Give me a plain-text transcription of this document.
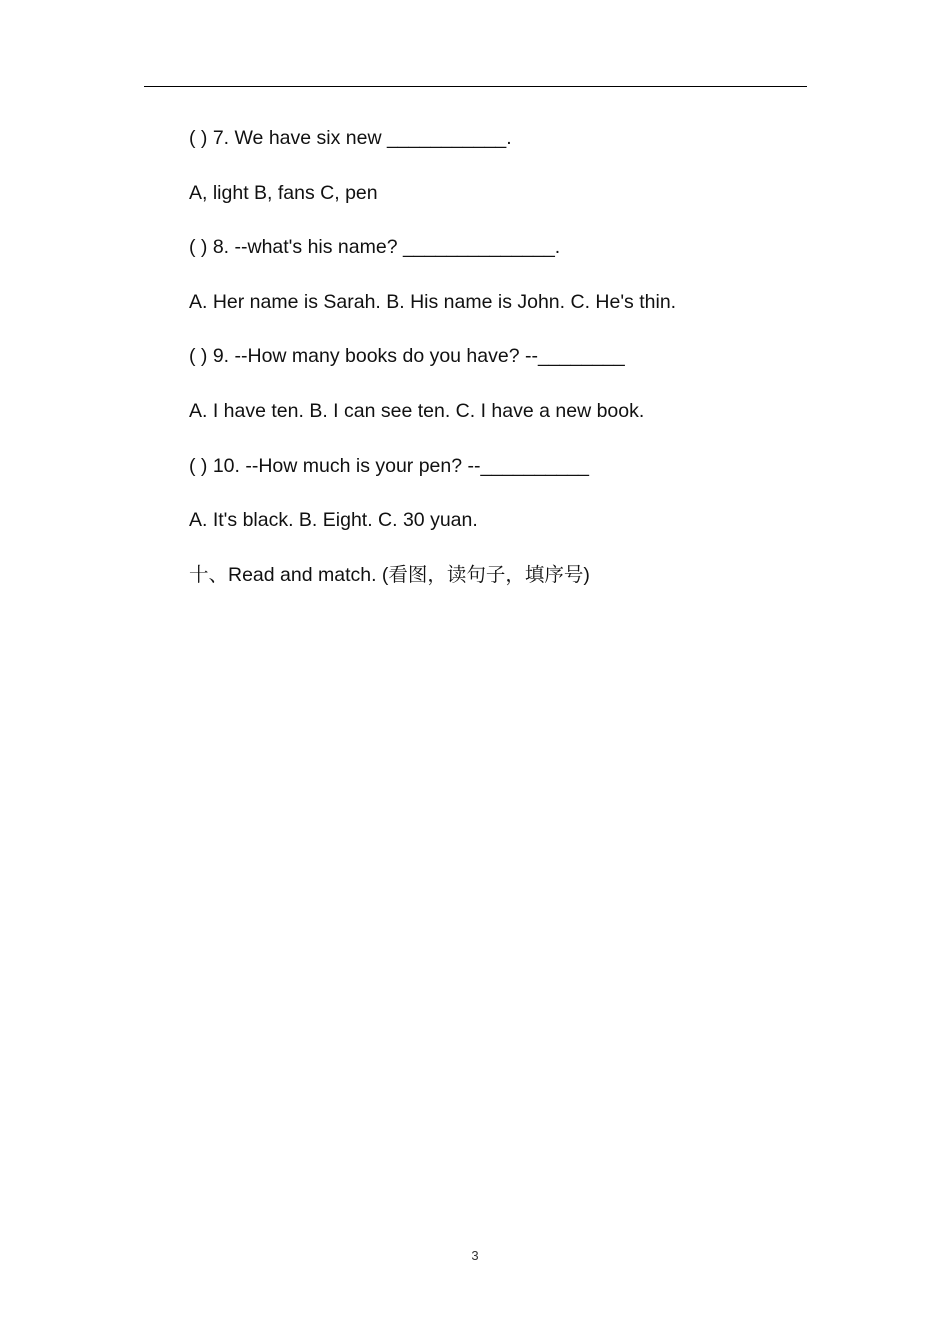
( ) 7. We have six new ___________.
A, light B, fans C, pen
( ) 8. --what's his name? ______________.
A. Her name is Sarah. B. His name is John. C. He's thin.
( ) 9. --How many books do you have? --________
A. I have ten. B. I can see ten. C. I have a new book.
( ) 10. --How much is your pen? --__________
A. It's black. B. Eight. C. 30 yuan.
十、Read and match. (看图，读句子，填序号)
3
